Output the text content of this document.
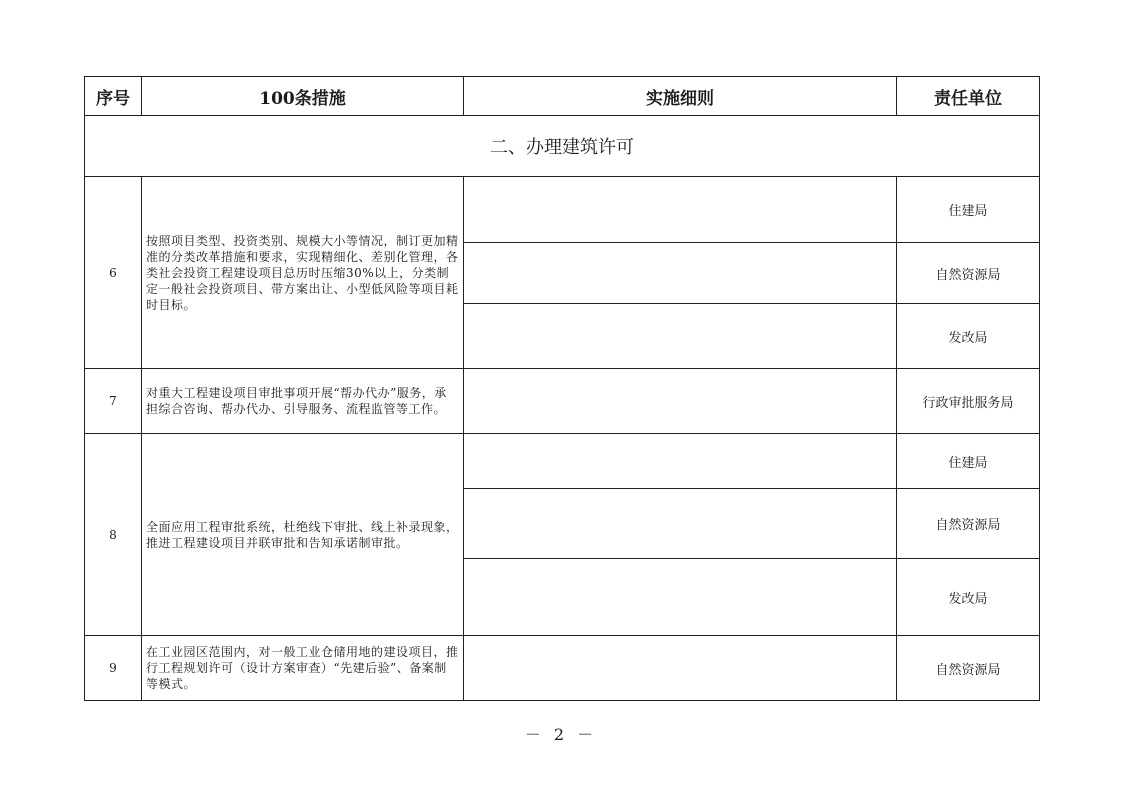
序号	100条措施	实施细则	责任单位
二、办理建筑许可			
6	按照项目类型、投资类别、规模大小等情况，制订更加精准的分类改革措施和要求，实现精细化、差别化管理，各类社会投资工程建设项目总历时压缩30%以上，分类制定一般社会投资项目、带方案出让、小型低风险等项目耗时目标。		住建局
			自然资源局
			发改局
7	对重大工程建设项目审批事项开展“帮办代办”服务，承担综合咨询、帮办代办、引导服务、流程监管等工作。		行政审批服务局
8	全面应用工程审批系统，杜绝线下审批、线上补录现象，推进工程建设项目并联审批和告知承诺制审批。		住建局
			自然资源局
			发改局
9	在工业园区范围内，对一般工业仓储用地的建设项目，推行工程规划许可（设计方案审查）“先建后验”、备案制等模式。		自然资源局
－ 2 －
